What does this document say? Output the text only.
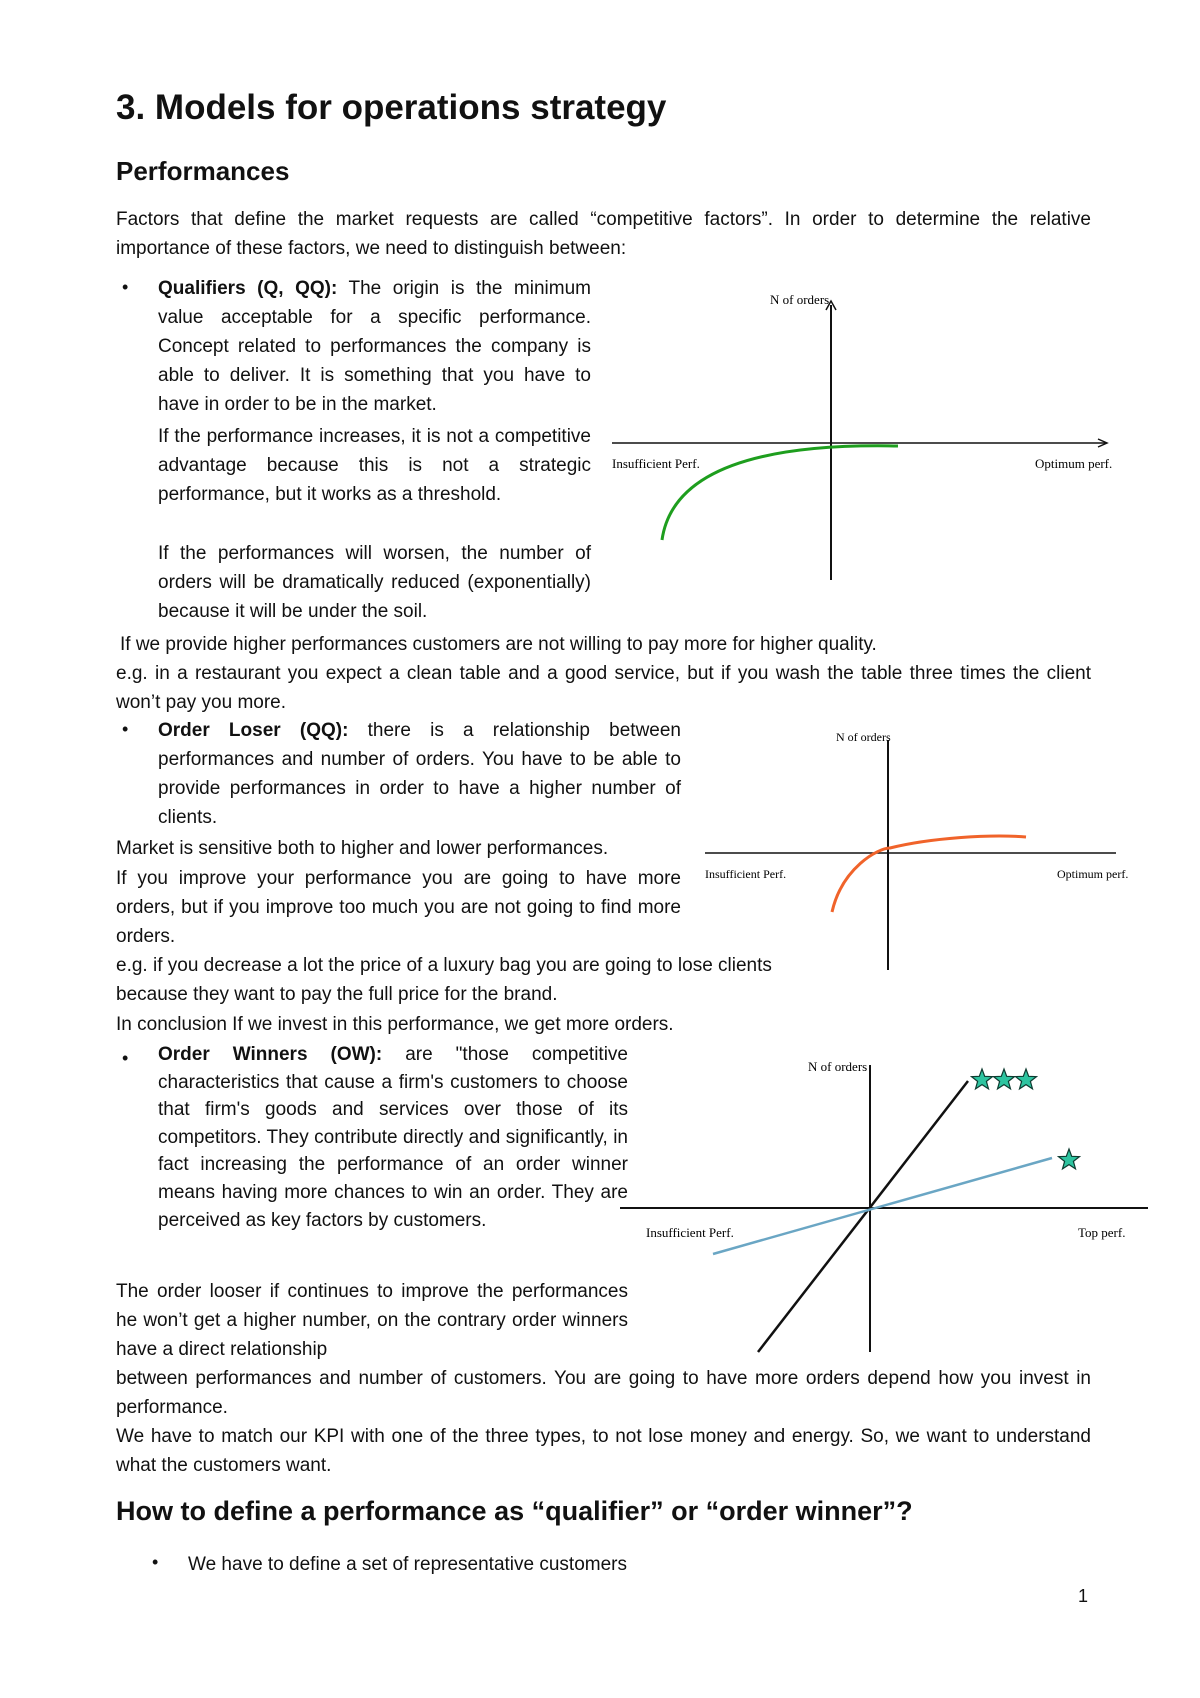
3. Models for operations strategy
Performances
Factors that define the market requests are called “competitive factors”. In order to determine the relative importance of these factors, we need to distinguish between:
• Qualifiers (Q, QQ): The origin is the minimum value acceptable for a specific performance. Concept related to performances the company is able to deliver. It is something that you have to have in order to be in the market.
If the performance increases, it is not a competitive advantage because this is not a strategic performance, but it works as a threshold.
If the performances will worsen, the number of orders will be dramatically reduced (exponentially) because it will be under the soil.
If we provide higher performances customers are not willing to pay more for higher quality.
e.g. in a restaurant you expect a clean table and a good service, but if you wash the table three times the client won’t pay you more.
N of orders
Insufficient Perf.	Optimum perf.
• Order Loser (QQ): there is a relationship between performances and number of orders. You have to be able to provide performances in order to have a higher number of clients.
Market is sensitive both to higher and lower performances.
If you improve your performance you are going to have more orders, but if you improve too much you are not going to find more orders.
e.g. if you decrease a lot the price of a luxury bag you are going to lose clients because they want to pay the full price for the brand.
In conclusion If we invest in this performance, we get more orders.
N of orders
Insufficient Perf.	Optimum perf.
• Order Winners (OW): are "those competitive characteristics that cause a firm's customers to choose that firm's goods and services over those of its competitors. They contribute directly and significantly, in fact increasing the performance of an order winner means having more chances to win an order. They are perceived as key factors by customers.
The order looser if continues to improve the performances he won’t get a higher number, on the contrary order winners have a direct relationship
between performances and number of customers. You are going to have more orders depend how you invest in performance.
We have to match our KPI with one of the three types, to not lose money and energy. So, we want to understand what the customers want.
N of orders
Insufficient Perf.	Top perf.
How to define a performance as “qualifier” or “order winner”?
• We have to define a set of representative customers
1
